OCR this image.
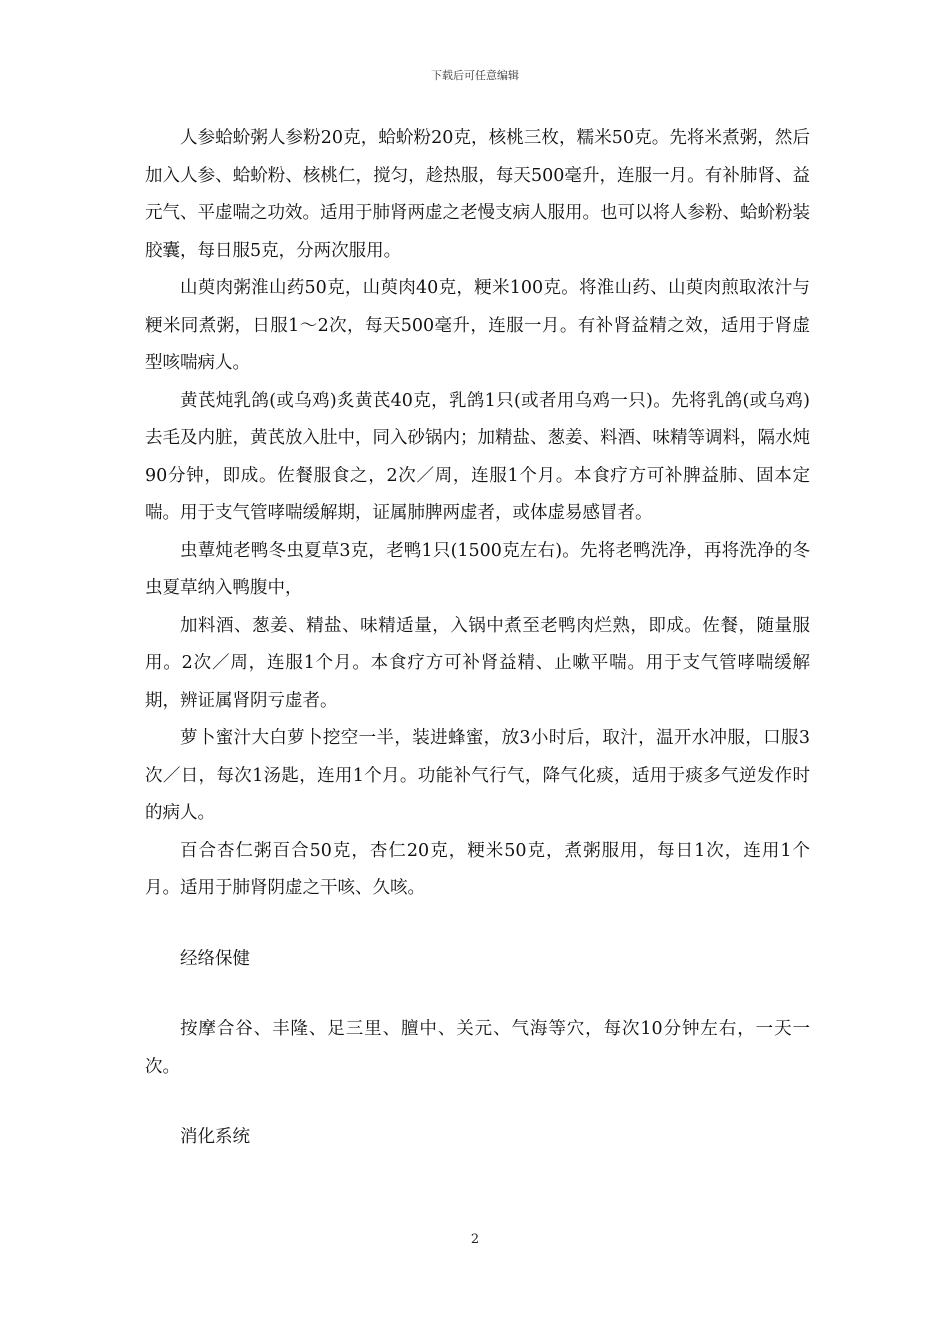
下载后可任意编辑

人参蛤蚧粥人参粉20克，蛤蚧粉20克，核桃三枚，糯米50克。先将米煮粥，然后加入人参、蛤蚧粉、核桃仁，搅匀，趁热服，每天500毫升，连服一月。有补肺肾、益元气、平虚喘之功效。适用于肺肾两虚之老慢支病人服用。也可以将人参粉、蛤蚧粉装胶囊，每日服5克，分两次服用。

山萸肉粥淮山药50克，山萸肉40克，粳米100克。将淮山药、山萸肉煎取浓汁与粳米同煮粥，日服1～2次，每天500毫升，连服一月。有补肾益精之效，适用于肾虚型咳喘病人。

黄芪炖乳鸽(或乌鸡)炙黄芪40克，乳鸽1只(或者用乌鸡一只)。先将乳鸽(或乌鸡)去毛及内脏，黄芪放入肚中，同入砂锅内；加精盐、葱姜、料酒、味精等调料，隔水炖90分钟，即成。佐餐服食之，2次／周，连服1个月。本食疗方可补脾益肺、固本定喘。用于支气管哮喘缓解期，证属肺脾两虚者，或体虚易感冒者。

虫蕈炖老鸭冬虫夏草3克，老鸭1只(1500克左右)。先将老鸭洗净，再将洗净的冬虫夏草纳入鸭腹中，

加料酒、葱姜、精盐、味精适量，入锅中煮至老鸭肉烂熟，即成。佐餐，随量服用。2次／周，连服1个月。本食疗方可补肾益精、止嗽平喘。用于支气管哮喘缓解期，辨证属肾阴亏虚者。

萝卜蜜汁大白萝卜挖空一半，装进蜂蜜，放3小时后，取汁，温开水冲服，口服3次／日，每次1汤匙，连用1个月。功能补气行气，降气化痰，适用于痰多气逆发作时的病人。

百合杏仁粥百合50克，杏仁20克，粳米50克，煮粥服用，每日1次，连用1个月。适用于肺肾阴虚之干咳、久咳。

经络保健

按摩合谷、丰隆、足三里、膻中、关元、气海等穴，每次10分钟左右，一天一次。

消化系统

2
